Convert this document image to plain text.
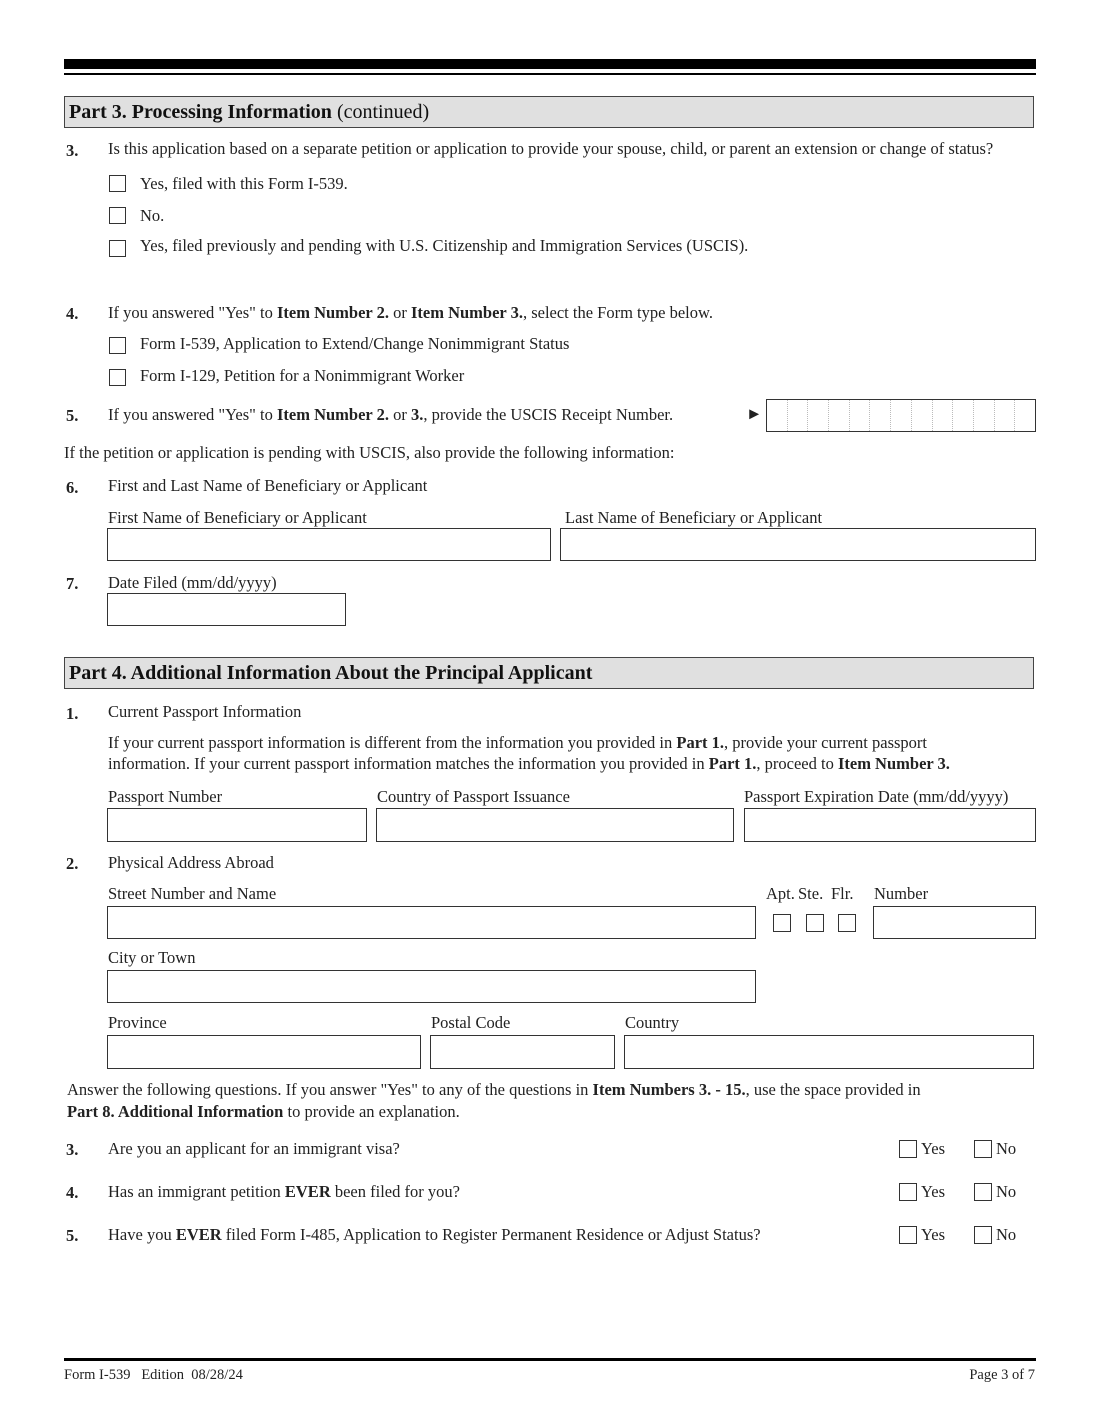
Part 3. Processing Information (continued)
3. Is this application based on a separate petition or application to provide your spouse, child, or parent an extension or change of status?
Yes, filed with this Form I-539.
No.
Yes, filed previously and pending with U.S. Citizenship and Immigration Services (USCIS).
4. If you answered "Yes" to Item Number 2. or Item Number 3., select the Form type below.
Form I-539, Application to Extend/Change Nonimmigrant Status
Form I-129, Petition for a Nonimmigrant Worker
5. If you answered "Yes" to Item Number 2. or 3., provide the USCIS Receipt Number.	►
If the petition or application is pending with USCIS, also provide the following information:
6. First and Last Name of Beneficiary or Applicant
First Name of Beneficiary or Applicant	Last Name of Beneficiary or Applicant
7. Date Filed (mm/dd/yyyy)
Part 4. Additional Information About the Principal Applicant
1. Current Passport Information
If your current passport information is different from the information you provided in Part 1., provide your current passport
information. If your current passport information matches the information you provided in Part 1., proceed to Item Number 3.
Passport Number	Country of Passport Issuance	Passport Expiration Date (mm/dd/yyyy)
2. Physical Address Abroad
Street Number and Name	Apt. Ste. Flr. Number
City or Town
Province	Postal Code	Country
Answer the following questions. If you answer "Yes" to any of the questions in Item Numbers 3. - 15., use the space provided in
Part 8. Additional Information to provide an explanation.
3. Are you an applicant for an immigrant visa?	Yes	No
4. Has an immigrant petition EVER been filed for you?	Yes	No
5. Have you EVER filed Form I-485, Application to Register Permanent Residence or Adjust Status?	Yes	No
Form I-539   Edition  08/28/24	Page 3 of 7
